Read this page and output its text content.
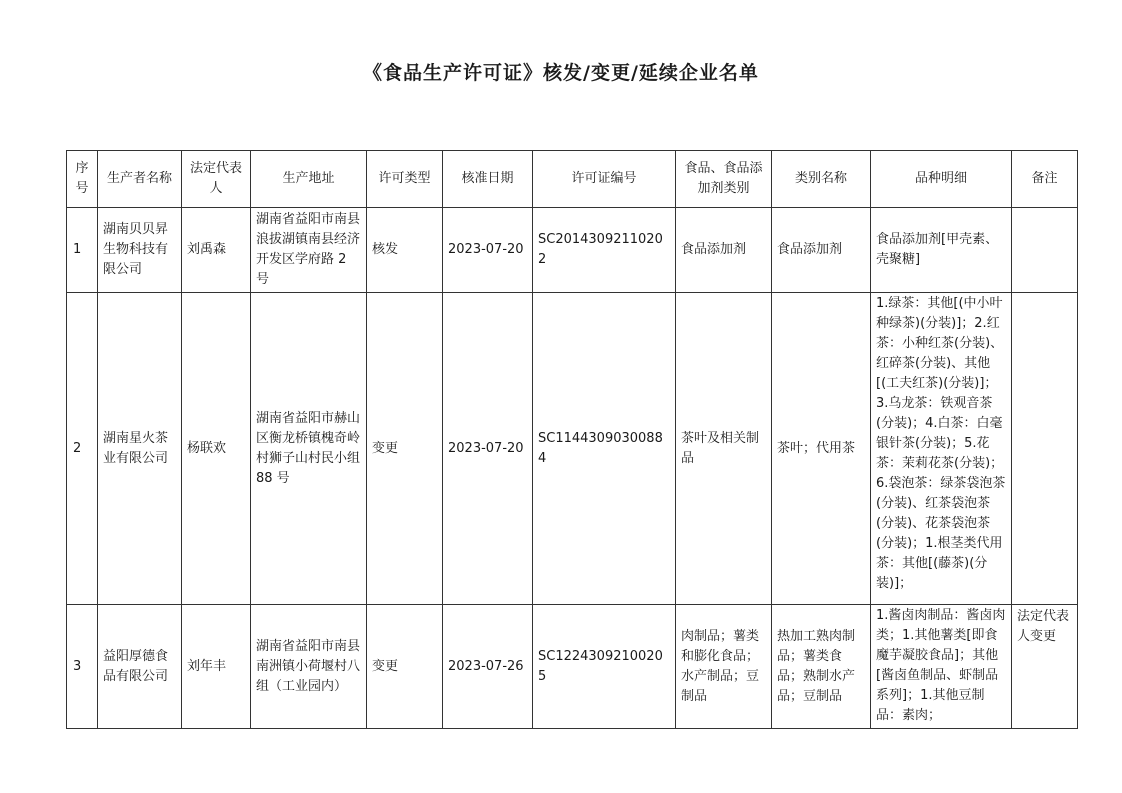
《食品生产许可证》核发/变更/延续企业名单
序号	生产者名称	法定代表人	生产地址	许可类型	核准日期	许可证编号	食品、食品添加剂类别	类别名称	品种明细	备注
1	湖南贝贝昇生物科技有限公司	刘禹森	湖南省益阳市南县浪拔湖镇南县经济开发区学府路 2 号	核发	2023-07-20	SC20143092110202	食品添加剂	食品添加剂	食品添加剂[甲壳素、壳聚糖]	
2	湖南星火茶业有限公司	杨联欢	湖南省益阳市赫山区衡龙桥镇槐奇岭村狮子山村民小组 88 号	变更	2023-07-20	SC11443090300884	茶叶及相关制品	茶叶；代用茶	1.绿茶：其他[(中小叶种绿茶)(分装)]；2.红茶：小种红茶(分装)、红碎茶(分装)、其他[(工夫红茶)(分装)]；3.乌龙茶：铁观音茶(分装)；4.白茶：白毫银针茶(分装)；5.花茶：茉莉花茶(分装)；6.袋泡茶：绿茶袋泡茶(分装)、红茶袋泡茶(分装)、花茶袋泡茶(分装)；1.根茎类代用茶：其他[(藤茶)(分装)]；	
3	益阳厚德食品有限公司	刘年丰	湖南省益阳市南县南洲镇小荷堰村八组（工业园内）	变更	2023-07-26	SC12243092100205	肉制品；薯类和膨化食品；水产制品；豆制品	热加工熟肉制品；薯类食品；熟制水产品；豆制品	1.酱卤肉制品：酱卤肉类；1.其他薯类[即食魔芋凝胶食品]；其他[酱卤鱼制品、虾制品系列]；1.其他豆制品：素肉；	法定代表人变更
